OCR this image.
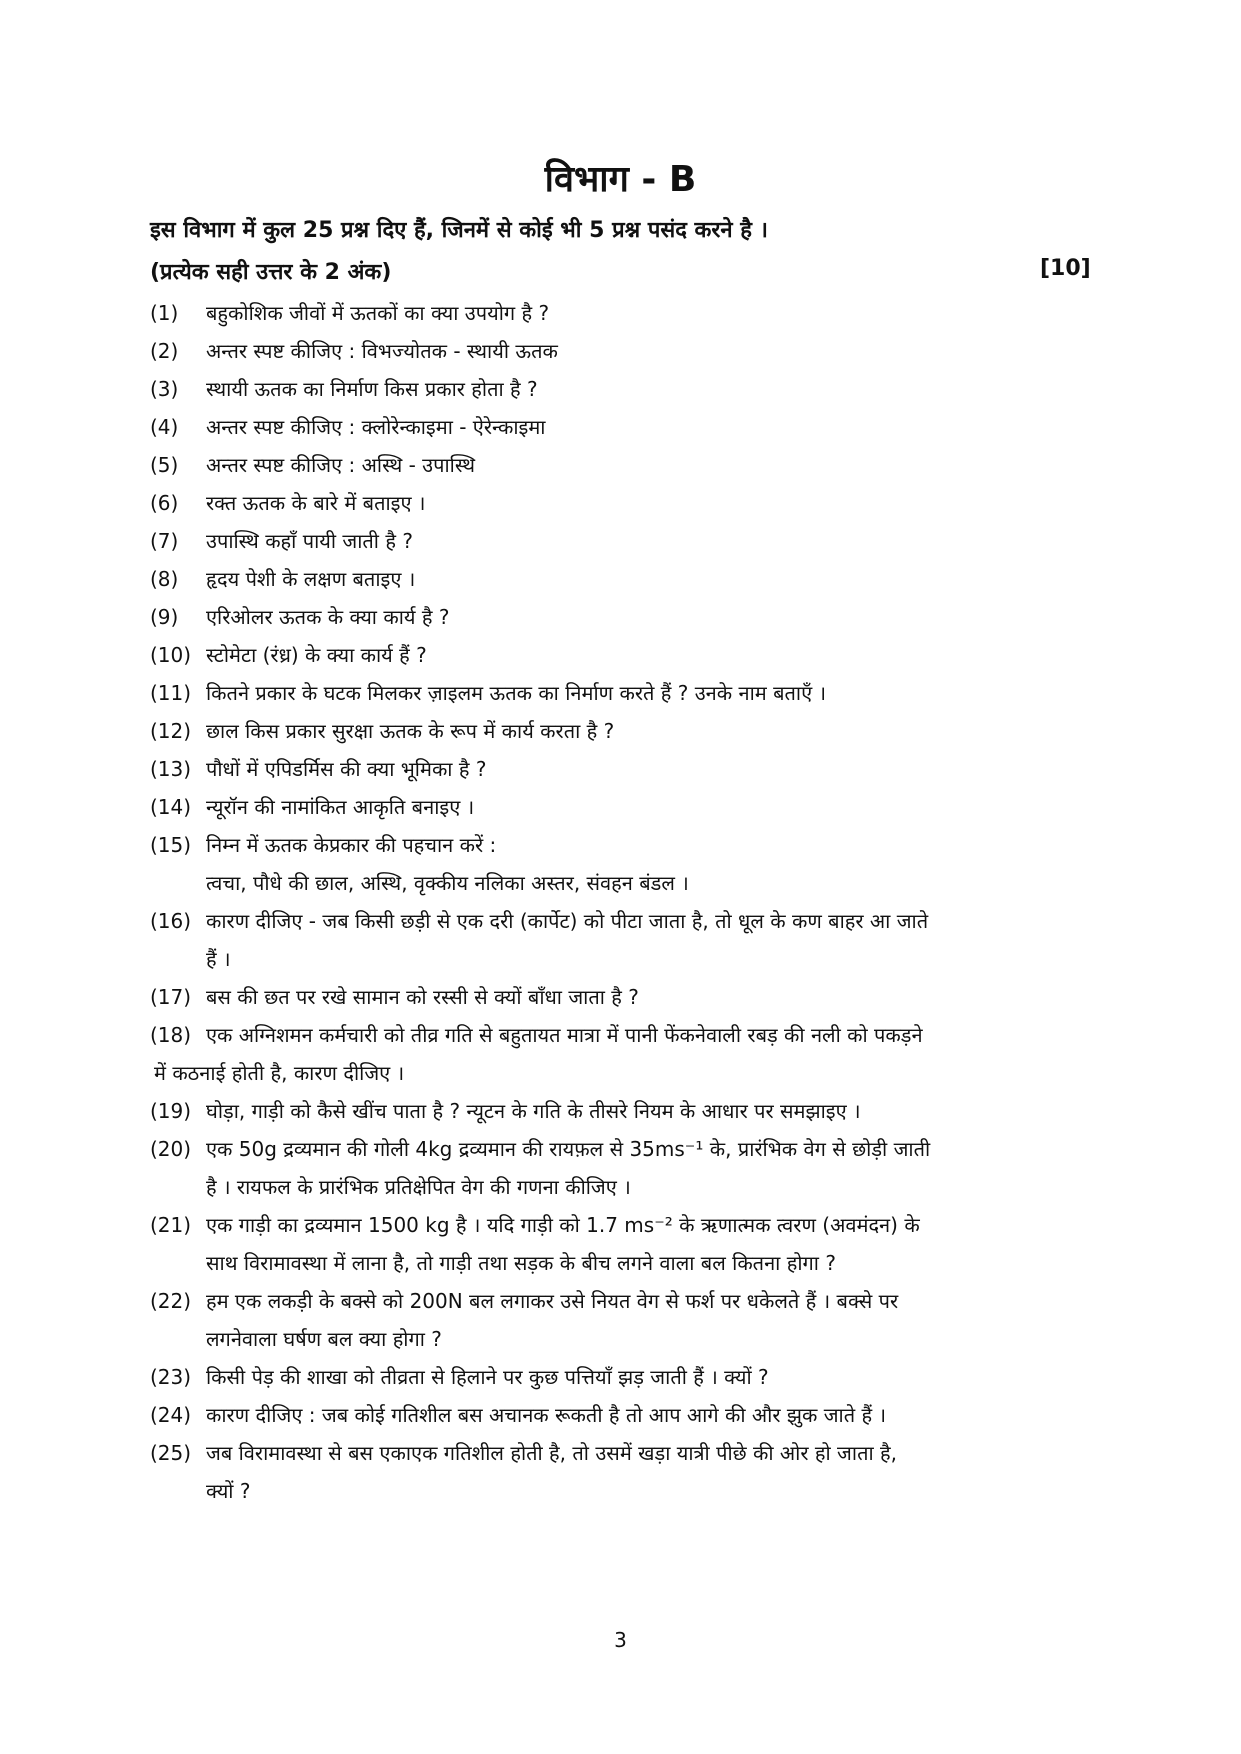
विभाग - B
इस विभाग में कुल 25 प्रश्न दिए हैं, जिनमें से कोई भी 5 प्रश्न पसंद करने है ।
(प्रत्येक सही उत्तर के 2 अंक)	[10]
(1)	बहुकोशिक जीवों में ऊतकों का क्या उपयोग है ?
(2)	अन्तर स्पष्ट कीजिए : विभज्योतक - स्थायी ऊतक
(3)	स्थायी ऊतक का निर्माण किस प्रकार होता है ?
(4)	अन्तर स्पष्ट कीजिए : क्लोरेन्काइमा - ऐरेन्काइमा
(5)	अन्तर स्पष्ट कीजिए : अस्थि - उपास्थि
(6)	रक्त ऊतक के बारे में बताइए ।
(7)	उपास्थि कहाँ पायी जाती है ?
(8)	हृदय पेशी के लक्षण बताइए ।
(9)	एरिओलर ऊतक के क्या कार्य है ?
(10) स्टोमेटा (रंध्र) के क्या कार्य हैं ?
(11) कितने प्रकार के घटक मिलकर ज़ाइलम ऊतक का निर्माण करते हैं ? उनके नाम बताएँ ।
(12) छाल किस प्रकार सुरक्षा ऊतक के रूप में कार्य करता है ?
(13) पौधों में एपिडर्मिस की क्या भूमिका है ?
(14) न्यूरॉन की नामांकित आकृति बनाइए ।
(15) निम्न में ऊतक केप्रकार की पहचान करें :
त्वचा, पौधे की छाल, अस्थि, वृक्कीय नलिका अस्तर, संवहन बंडल ।
(16) कारण दीजिए - जब किसी छड़ी से एक दरी (कार्पेट) को पीटा जाता है, तो धूल के कण बाहर आ जाते
हैं ।
(17) बस की छत पर रखे सामान को रस्सी से क्यों बाँधा जाता है ?
(18) एक अग्निशमन कर्मचारी को तीव्र गति से बहुतायत मात्रा में पानी फेंकनेवाली रबड़ की नली को पकड़ने
में कठनाई होती है, कारण दीजिए ।
(19) घोड़ा, गाड़ी को कैसे खींच पाता है ? न्यूटन के गति के तीसरे नियम के आधार पर समझाइए ।
(20) एक 50g द्रव्यमान की गोली 4kg द्रव्यमान की रायफ़ल से 35ms⁻¹ के, प्रारंभिक वेग से छोड़ी जाती
है । रायफल के प्रारंभिक प्रतिक्षेपित वेग की गणना कीजिए ।
(21) एक गाड़ी का द्रव्यमान 1500 kg है । यदि गाड़ी को 1.7 ms⁻² के ऋणात्मक त्वरण (अवमंदन) के
साथ विरामावस्था में लाना है, तो गाड़ी तथा सड़क के बीच लगने वाला बल कितना होगा ?
(22) हम एक लकड़ी के बक्से को 200N बल लगाकर उसे नियत वेग से फर्श पर धकेलते हैं । बक्से पर
लगनेवाला घर्षण बल क्या होगा ?
(23) किसी पेड़ की शाखा को तीव्रता से हिलाने पर कुछ पत्तियाँ झड़ जाती हैं । क्यों ?
(24) कारण दीजिए : जब कोई गतिशील बस अचानक रूकती है तो आप आगे की और झुक जाते हैं ।
(25) जब विरामावस्था से बस एकाएक गतिशील होती है, तो उसमें खड़ा यात्री पीछे की ओर हो जाता है,
क्यों ?
3
